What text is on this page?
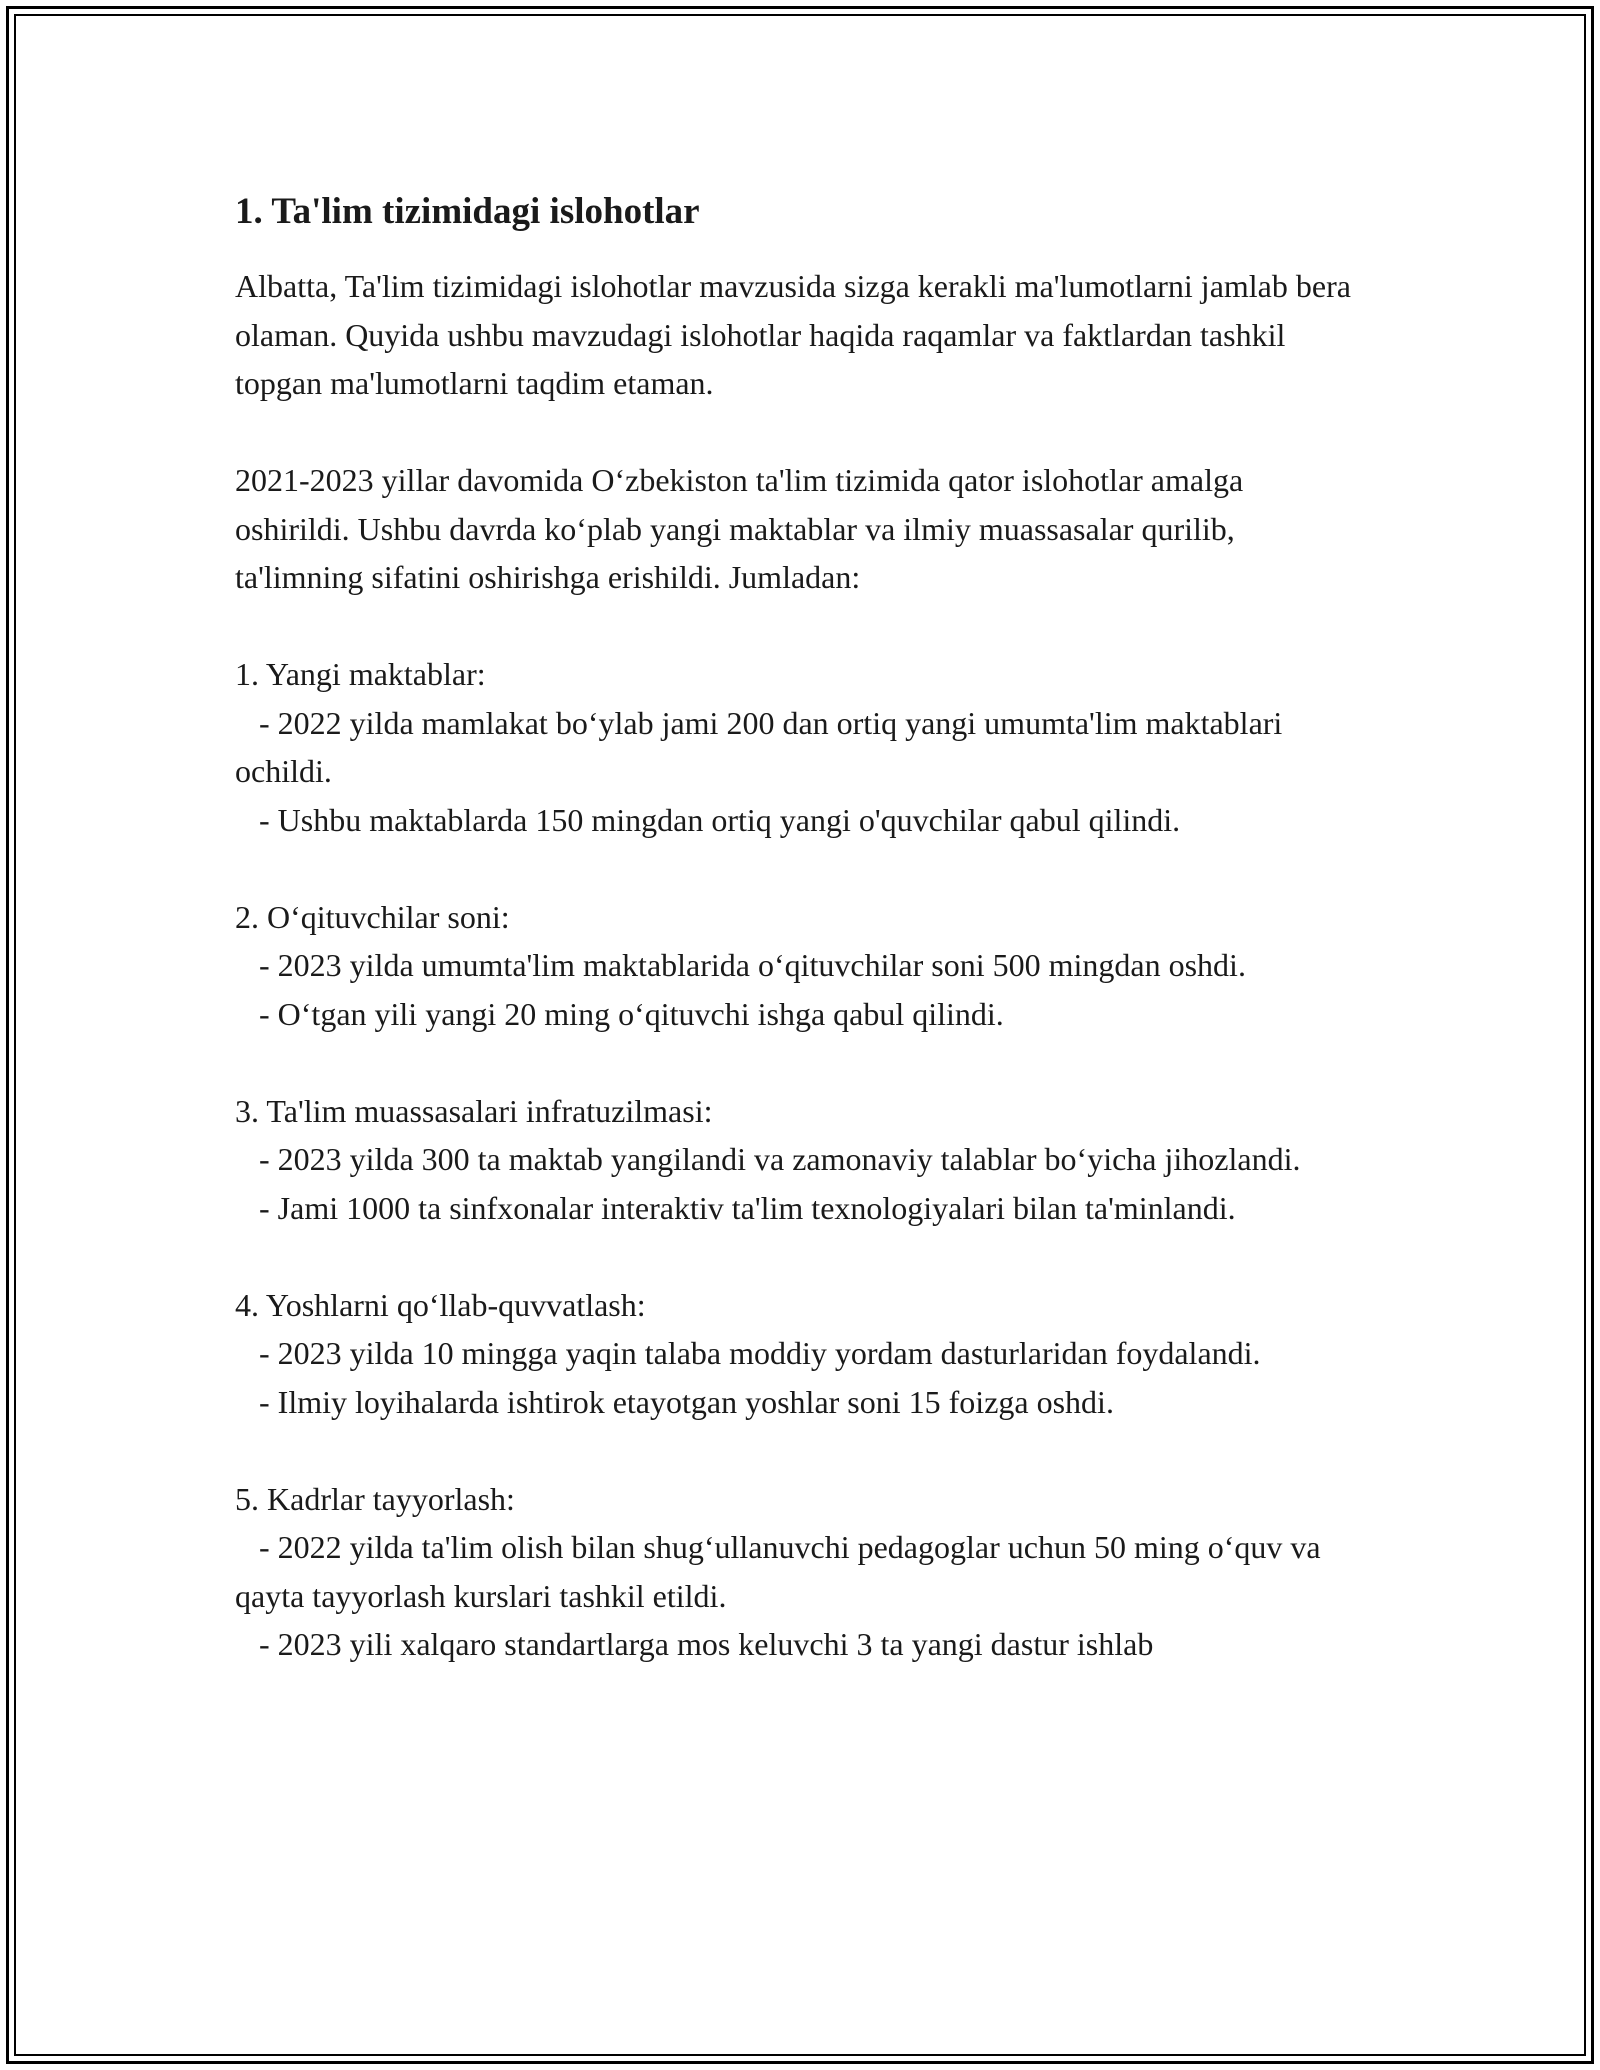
1. Ta'lim tizimidagi islohotlar

Albatta, Ta'lim tizimidagi islohotlar mavzusida sizga kerakli ma'lumotlarni jamlab bera olaman. Quyida ushbu mavzudagi islohotlar haqida raqamlar va faktlardan tashkil topgan ma'lumotlarni taqdim etaman.

2021-2023 yillar davomida O‘zbekiston ta'lim tizimida qator islohotlar amalga oshirildi. Ushbu davrda ko‘plab yangi maktablar va ilmiy muassasalar qurilib, ta'limning sifatini oshirishga erishildi. Jumladan:

1. Yangi maktablar:

- 2022 yilda mamlakat bo‘ylab jami 200 dan ortiq yangi umumta'lim maktablari ochildi.

- Ushbu maktablarda 150 mingdan ortiq yangi o'quvchilar qabul qilindi.

2. O‘qituvchilar soni:

- 2023 yilda umumta'lim maktablarida o‘qituvchilar soni 500 mingdan oshdi.

- O‘tgan yili yangi 20 ming o‘qituvchi ishga qabul qilindi.

3. Ta'lim muassasalari infratuzilmasi:

- 2023 yilda 300 ta maktab yangilandi va zamonaviy talablar bo‘yicha jihozlandi.

- Jami 1000 ta sinfxonalar interaktiv ta'lim texnologiyalari bilan ta'minlandi.

4. Yoshlarni qo‘llab-quvvatlash:

- 2023 yilda 10 mingga yaqin talaba moddiy yordam dasturlaridan foydalandi.

- Ilmiy loyihalarda ishtirok etayotgan yoshlar soni 15 foizga oshdi.

5. Kadrlar tayyorlash:

- 2022 yilda ta'lim olish bilan shug‘ullanuvchi pedagoglar uchun 50 ming o‘quv va qayta tayyorlash kurslari tashkil etildi.

- 2023 yili xalqaro standartlarga mos keluvchi 3 ta yangi dastur ishlab
